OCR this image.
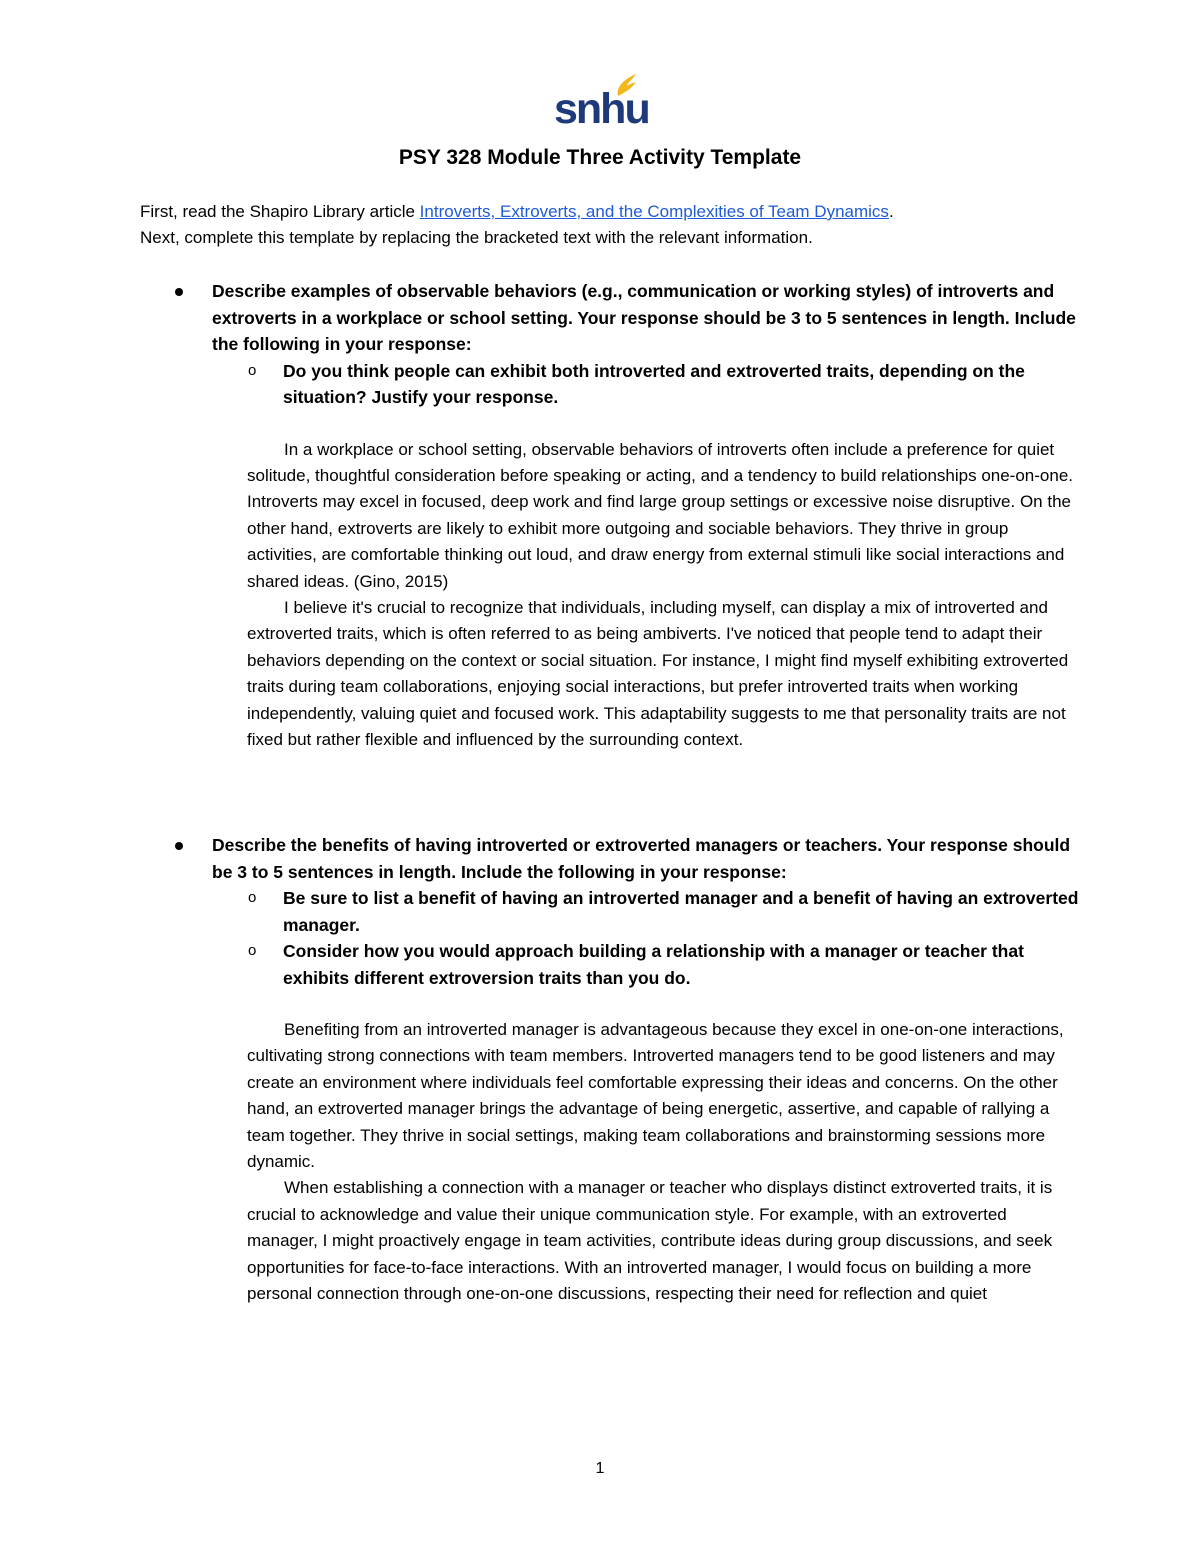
snhu
PSY 328 Module Three Activity Template
First, read the Shapiro Library article Introverts, Extroverts, and the Complexities of Team Dynamics.
Next, complete this template by replacing the bracketed text with the relevant information.
Describe examples of observable behaviors (e.g., communication or working styles) of introverts and extroverts in a workplace or school setting. Your response should be 3 to 5 sentences in length. Include the following in your response:
o Do you think people can exhibit both introverted and extroverted traits, depending on the situation? Justify your response.

In a workplace or school setting, observable behaviors of introverts often include a preference for quiet solitude, thoughtful consideration before speaking or acting, and a tendency to build relationships one-on-one. Introverts may excel in focused, deep work and find large group settings or excessive noise disruptive. On the other hand, extroverts are likely to exhibit more outgoing and sociable behaviors. They thrive in group activities, are comfortable thinking out loud, and draw energy from external stimuli like social interactions and shared ideas. (Gino, 2015)

I believe it's crucial to recognize that individuals, including myself, can display a mix of introverted and extroverted traits, which is often referred to as being ambiverts. I've noticed that people tend to adapt their behaviors depending on the context or social situation. For instance, I might find myself exhibiting extroverted traits during team collaborations, enjoying social interactions, but prefer introverted traits when working independently, valuing quiet and focused work. This adaptability suggests to me that personality traits are not fixed but rather flexible and influenced by the surrounding context.

Describe the benefits of having introverted or extroverted managers or teachers. Your response should be 3 to 5 sentences in length. Include the following in your response:
o Be sure to list a benefit of having an introverted manager and a benefit of having an extroverted manager.
o Consider how you would approach building a relationship with a manager or teacher that exhibits different extroversion traits than you do.

Benefiting from an introverted manager is advantageous because they excel in one-on-one interactions, cultivating strong connections with team members. Introverted managers tend to be good listeners and may create an environment where individuals feel comfortable expressing their ideas and concerns. On the other hand, an extroverted manager brings the advantage of being energetic, assertive, and capable of rallying a team together. They thrive in social settings, making team collaborations and brainstorming sessions more dynamic.

When establishing a connection with a manager or teacher who displays distinct extroverted traits, it is crucial to acknowledge and value their unique communication style. For example, with an extroverted manager, I might proactively engage in team activities, contribute ideas during group discussions, and seek opportunities for face-to-face interactions. With an introverted manager, I would focus on building a more personal connection through one-on-one discussions, respecting their need for reflection and quiet

1
